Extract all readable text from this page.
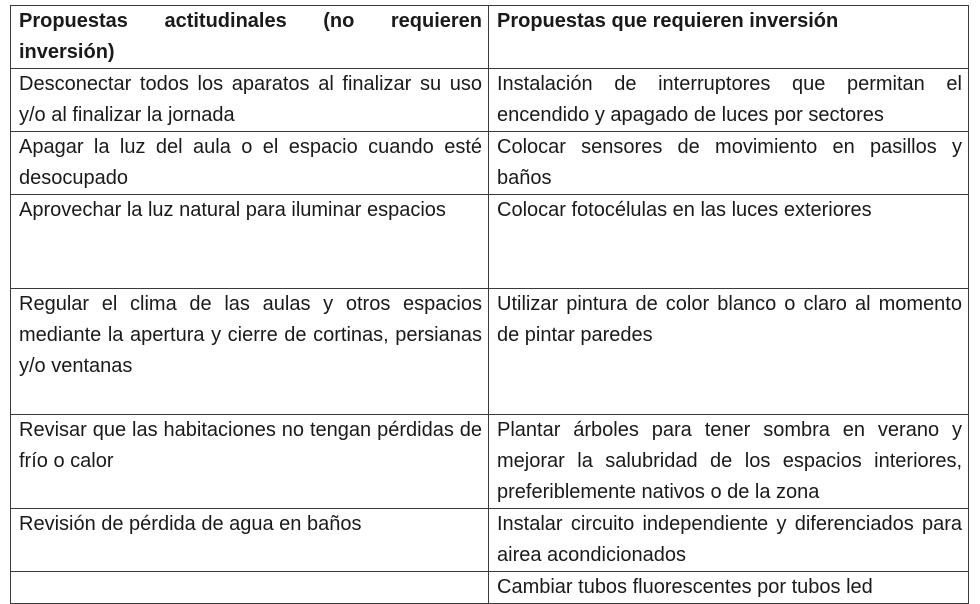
Propuestas actitudinales (no requieren inversión)	Propuestas que requieren inversión
Desconectar todos los aparatos al finalizar su uso y/o al finalizar la jornada	Instalación de interruptores que permitan el encendido y apagado de luces por sectores
Apagar la luz del aula o el espacio cuando esté desocupado	Colocar sensores de movimiento en pasillos y baños
Aprovechar la luz natural para iluminar espacios	Colocar fotocélulas en las luces exteriores
Regular el clima de las aulas y otros espacios mediante la apertura y cierre de cortinas, persianas y/o ventanas	Utilizar pintura de color blanco o claro al momento de pintar paredes
Revisar que las habitaciones no tengan pérdidas de frío o calor	Plantar árboles para tener sombra en verano y mejorar la salubridad de los espacios interiores, preferiblemente nativos o de la zona
Revisión de pérdida de agua en baños	Instalar circuito independiente y diferenciados para airea acondicionados
	Cambiar tubos fluorescentes por tubos led
